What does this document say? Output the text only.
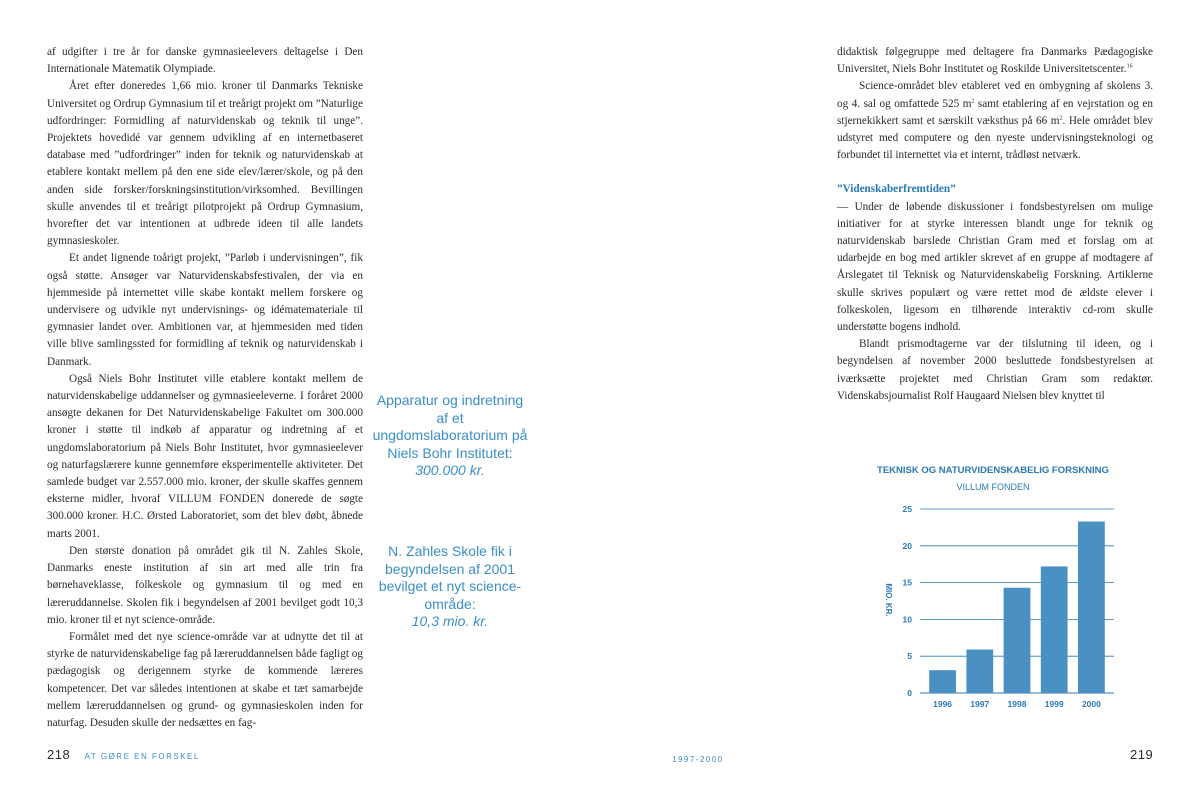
af udgifter i tre år for danske gymnasieelevers deltagelse i Den Internationale Matematik Olympiade.

Året efter doneredes 1,66 mio. kroner til Danmarks Tekniske Universitet og Ordrup Gymnasium til et treårigt projekt om ”Naturlige udfordringer: Formidling af naturvidenskab og teknik til unge”. Projektets hovedidé var gennem udvikling af en internetbaseret database med ”udfordringer” inden for teknik og naturvidenskab at etablere kontakt mellem på den ene side elev/lærer/skole, og på den anden side forsker/forskningsinstitution/virksomhed. Bevillingen skulle anvendes til et treårigt pilotprojekt på Ordrup Gymnasium, hvorefter det var intentionen at udbrede ideen til alle landets gymnasieskoler.

Et andet lignende toårigt projekt, ”Parløb i undervisningen”, fik også støtte. Ansøger var Naturvidenskabsfestivalen, der via en hjemmeside på internettet ville skabe kontakt mellem forskere og undervisere og udvikle nyt undervisnings- og idématemateriale til gymnasier landet over. Ambitionen var, at hjemmesiden med tiden ville blive samlingssted for formidling af teknik og naturvidenskab i Danmark.

Også Niels Bohr Institutet ville etablere kontakt mellem de naturvidenskabelige uddannelser og gymnasieeleverne. I foråret 2000 ansøgte dekanen for Det Naturvidenskabelige Fakultet om 300.000 kroner i støtte til indkøb af apparatur og indretning af et ungdomslaboratorium på Niels Bohr Institutet, hvor gymnasieelever og naturfagslærere kunne gennemføre eksperimentelle aktiviteter. Det samlede budget var 2.557.000 mio. kroner, der skulle skaffes gennem eksterne midler, hvoraf VILLUM FONDEN donerede de søgte 300.000 kroner. H.C. Ørsted Laboratoriet, som det blev døbt, åbnede marts 2001.

Den største donation på området gik til N. Zahles Skole, Danmarks eneste institution af sin art med alle trin fra børnehaveklasse, folkeskole og gymnasium til og med en læreruddannelse. Skolen fik i begyndelsen af 2001 bevilget godt 10,3 mio. kroner til et nyt science-område.

Formålet med det nye science-område var at udnytte det til at styrke de naturvidenskabelige fag på læreruddannelsen både fagligt og pædagogisk og derigennem styrke de kommende læreres kompetencer. Det var således intentionen at skabe et tæt samarbejde mellem læreruddannelsen og grund- og gymnasieskolen inden for naturfag. Desuden skulle der nedsættes en fag-

Apparatur og indretning af et ungdomslaboratorium på Niels Bohr Institutet:
300.000 kr.
N. Zahles Skole fik i begyndelsen af 2001 bevilget et nyt science-område:
10,3 mio. kr.

didaktisk følgegruppe med deltagere fra Danmarks Pædagogiske Universitet, Niels Bohr Institutet og Roskilde Universitetscenter.$^{16}$

Science-området blev etableret ved en ombygning af skolens 3. og 4. sal og omfattede 525 $m^2$ samt etablering af en vejrstation og en stjernekikkert samt et særskilt væksthus på 66 $m^2$. Hele området blev udstyret med computere og den nyeste undervisningsteknologi og forbundet til internettet via et internt, trådløst netværk.

”Videnskaberfremtiden”

— Under de løbende diskussioner i fondsbestyrelsen om mulige initiativer for at styrke interessen blandt unge for teknik og naturvidenskab barslede Christian Gram med et forslag om at udarbejde en bog med artikler skrevet af en gruppe af modtagere af Årslegatet til Teknisk og Naturvidenskabelig Forskning. Artiklerne skulle skrives populært og være rettet mod de ældste elever i folkeskolen, ligesom en tilhørende interaktiv cd-rom skulle understøtte bogens indhold.

Blandt prismodtagerne var der tilslutning til ideen, og i begyndelsen af november 2000 besluttede fondsbestyrelsen at iværksætte projektet med Christian Gram som redaktør. Videnskabsjournalist Rolf Haugaard Nielsen blev knyttet til

TEKNISK OG NATURVIDENSKABELIG FORSKNING
VILLUM FONDEN
MIO. KR.
0
5
10
15
20
25
1996 1997 1998 1999 2000
218 AT GØRE EN FORSKEL	1997-2000	219
